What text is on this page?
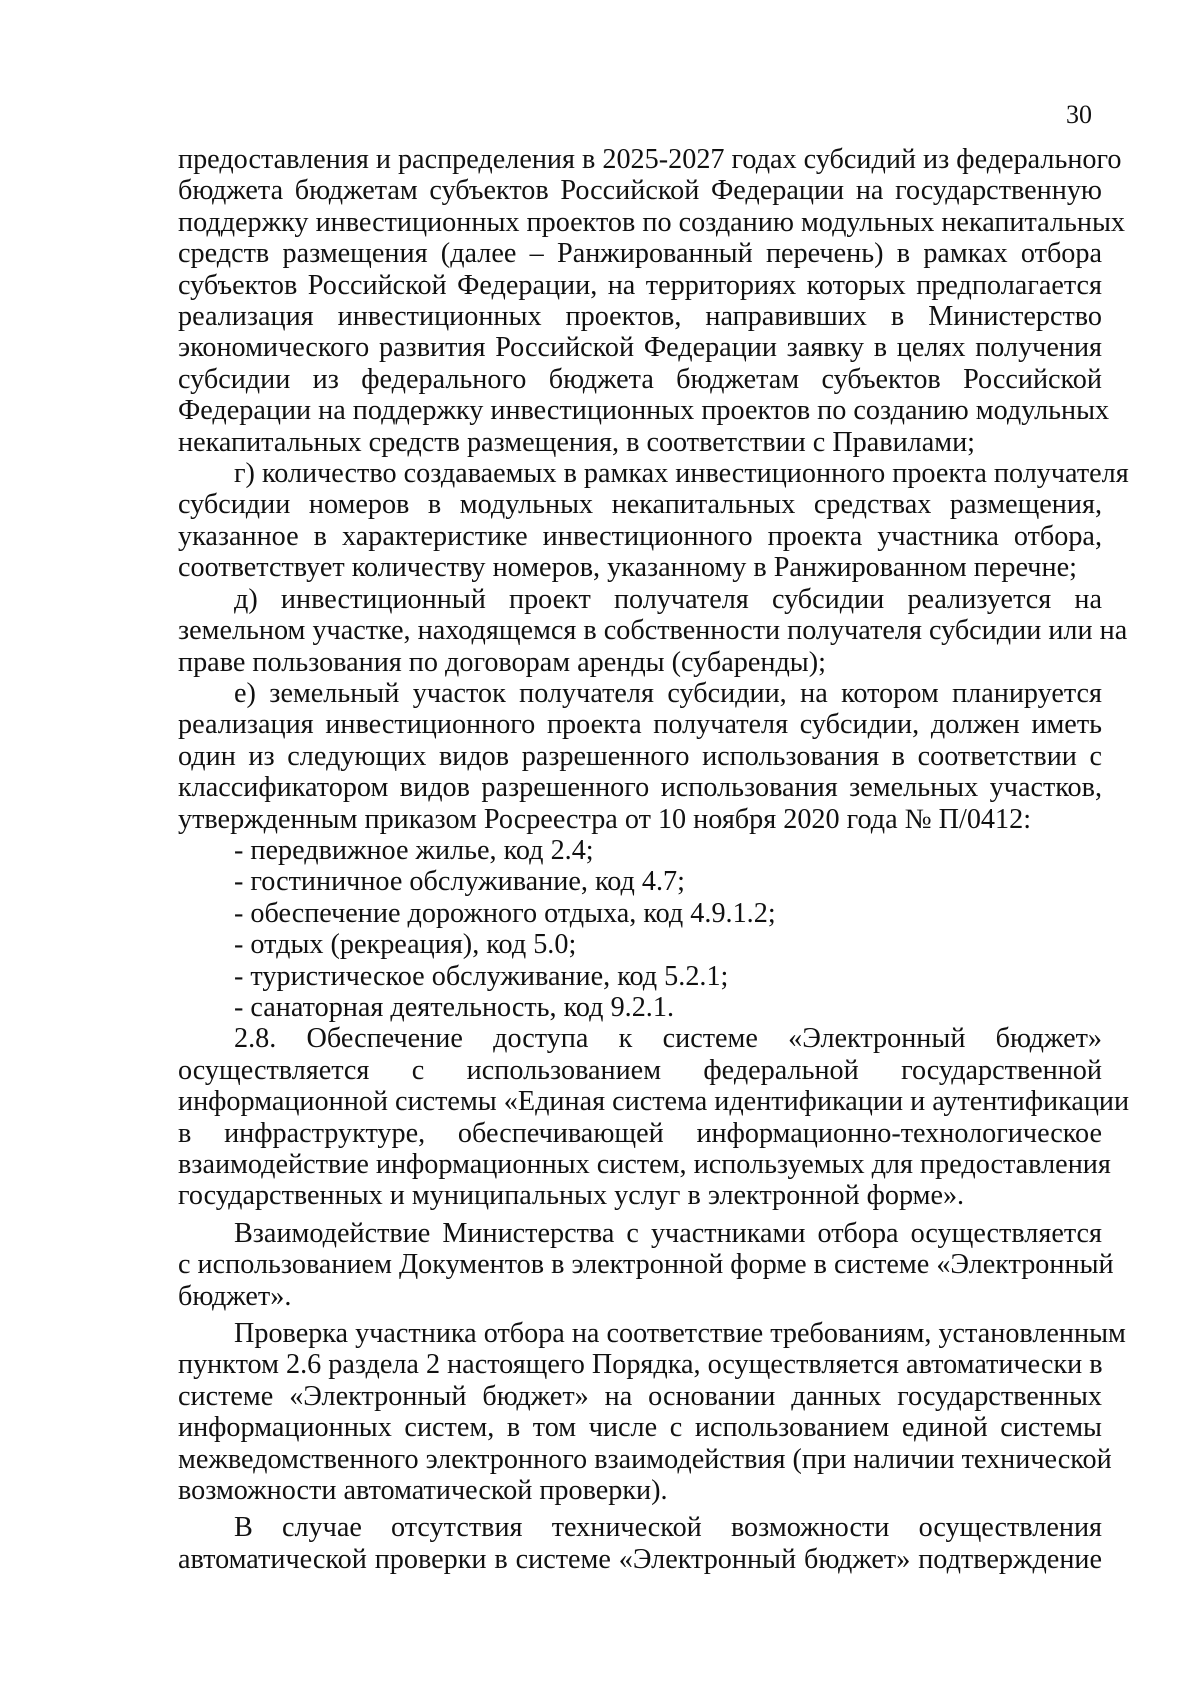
30

предоставления и распределения в 2025-2027 годах субсидий из федерального
бюджета бюджетам субъектов Российской Федерации на государственную
поддержку инвестиционных проектов по созданию модульных некапитальных
средств размещения (далее – Ранжированный перечень) в рамках отбора
субъектов Российской Федерации, на территориях которых предполагается
реализация инвестиционных проектов, направивших в Министерство
экономического развития Российской Федерации заявку в целях получения
субсидии из федерального бюджета бюджетам субъектов Российской
Федерации на поддержку инвестиционных проектов по созданию модульных
некапитальных средств размещения, в соответствии с Правилами;

г) количество создаваемых в рамках инвестиционного проекта получателя
субсидии номеров в модульных некапитальных средствах размещения,
указанное в характеристике инвестиционного проекта участника отбора,
соответствует количеству номеров, указанному в Ранжированном перечне;

д) инвестиционный проект получателя субсидии реализуется на
земельном участке, находящемся в собственности получателя субсидии или на
праве пользования по договорам аренды (субаренды);

е) земельный участок получателя субсидии, на котором планируется
реализация инвестиционного проекта получателя субсидии, должен иметь
один из следующих видов разрешенного использования в соответствии с
классификатором видов разрешенного использования земельных участков,
утвержденным приказом Росреестра от 10 ноября 2020 года № П/0412:

- передвижное жилье, код 2.4;
- гостиничное обслуживание, код 4.7;
- обеспечение дорожного отдыха, код 4.9.1.2;
- отдых (рекреация), код 5.0;
- туристическое обслуживание, код 5.2.1;
- санаторная деятельность, код 9.2.1.

2.8. Обеспечение доступа к системе «Электронный бюджет»
осуществляется с использованием федеральной государственной
информационной системы «Единая система идентификации и аутентификации
в инфраструктуре, обеспечивающей информационно-технологическое
взаимодействие информационных систем, используемых для предоставления
государственных и муниципальных услуг в электронной форме».

Взаимодействие Министерства с участниками отбора осуществляется
с использованием Документов в электронной форме в системе «Электронный
бюджет».

Проверка участника отбора на соответствие требованиям, установленным
пунктом 2.6 раздела 2 настоящего Порядка, осуществляется автоматически в
системе «Электронный бюджет» на основании данных государственных
информационных систем, в том числе с использованием единой системы
межведомственного электронного взаимодействия (при наличии технической
возможности автоматической проверки).

В случае отсутствия технической возможности осуществления
автоматической проверки в системе «Электронный бюджет» подтверждение
